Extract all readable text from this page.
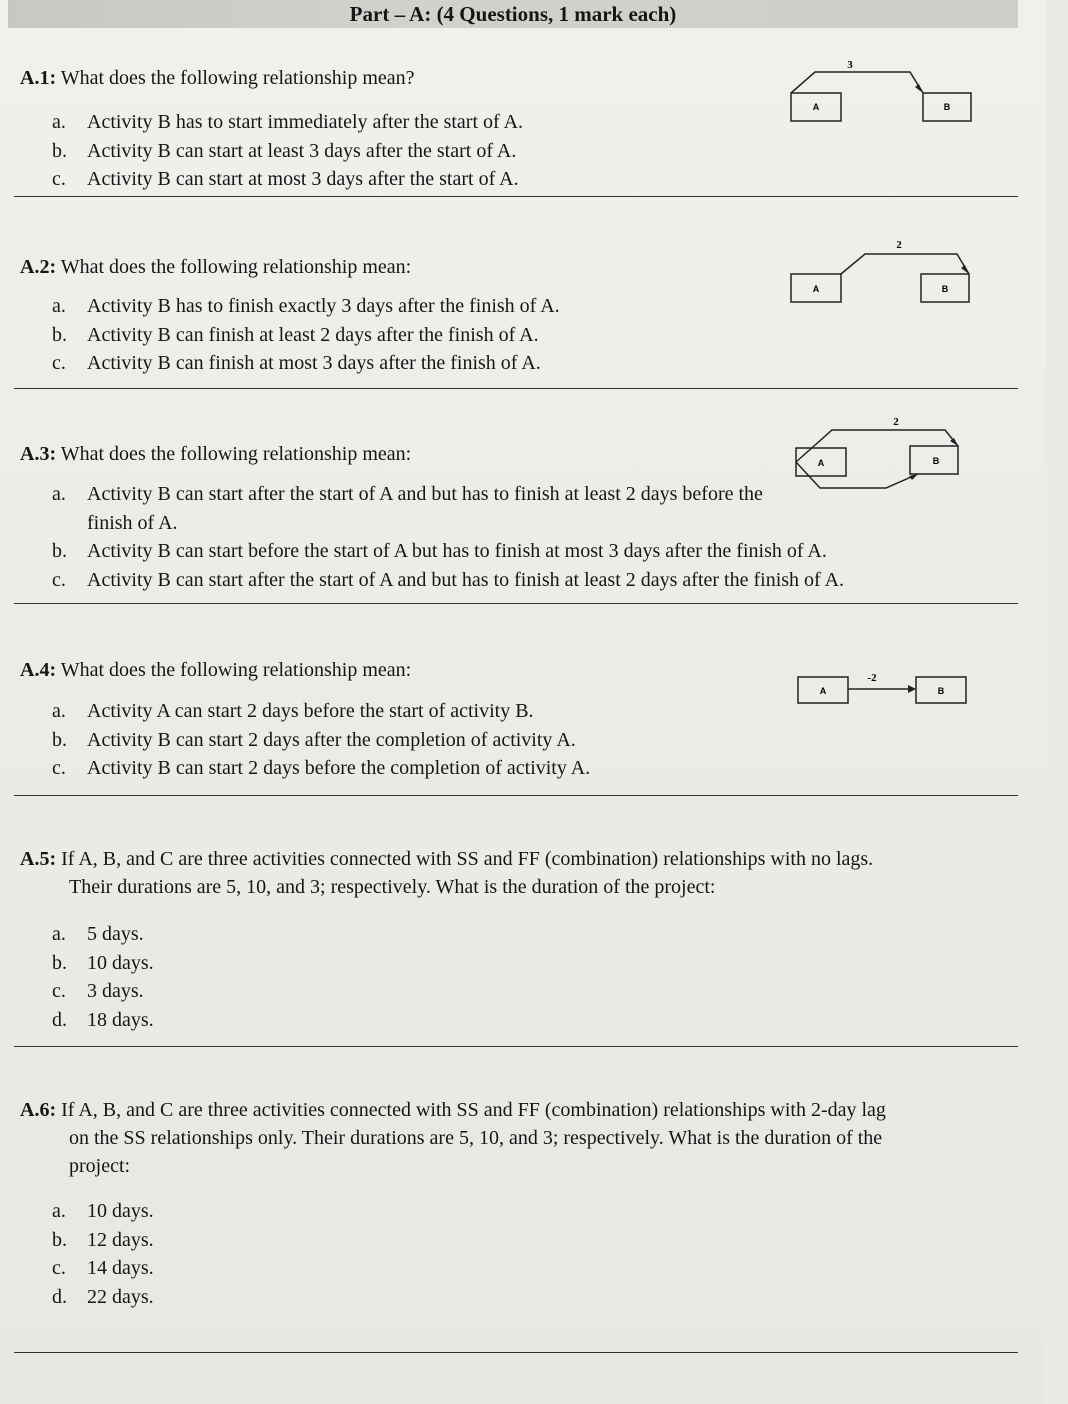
Part – A: (4 Questions, 1 mark each)
A.1: What does the following relationship mean?
a.	Activity B has to start immediately after the start of A.
b.	Activity B can start at least 3 days after the start of A.
c.	Activity B can start at most 3 days after the start of A.
A	B
3
A.2: What does the following relationship mean:
a.	Activity B has to finish exactly 3 days after the finish of A.
b.	Activity B can finish at least 2 days after the finish of A.
c.	Activity B can finish at most 3 days after the finish of A.
A	B
2
A.3: What does the following relationship mean:
a.	Activity B can start after the start of A and but has to finish at least 2 days before the finish of A.
b.	Activity B can start before the start of A but has to finish at most 3 days after the finish of A.
c.	Activity B can start after the start of A and but has to finish at least 2 days after the finish of A.
A	B
2
A.4: What does the following relationship mean:
a.	Activity A can start 2 days before the start of activity B.
b.	Activity B can start 2 days after the completion of activity A.
c.	Activity B can start 2 days before the completion of activity A.
A	B
-2
A.5: If A, B, and C are three activities connected with SS and FF (combination) relationships with no lags.
Their durations are 5, 10, and 3; respectively. What is the duration of the project:
a.	5 days.
b.	10 days.
c.	3 days.
d.	18 days.
A.6: If A, B, and C are three activities connected with SS and FF (combination) relationships with 2-day lag
on the SS relationships only. Their durations are 5, 10, and 3; respectively. What is the duration of the
project:
a.	10 days.
b.	12 days.
c.	14 days.
d.	22 days.
